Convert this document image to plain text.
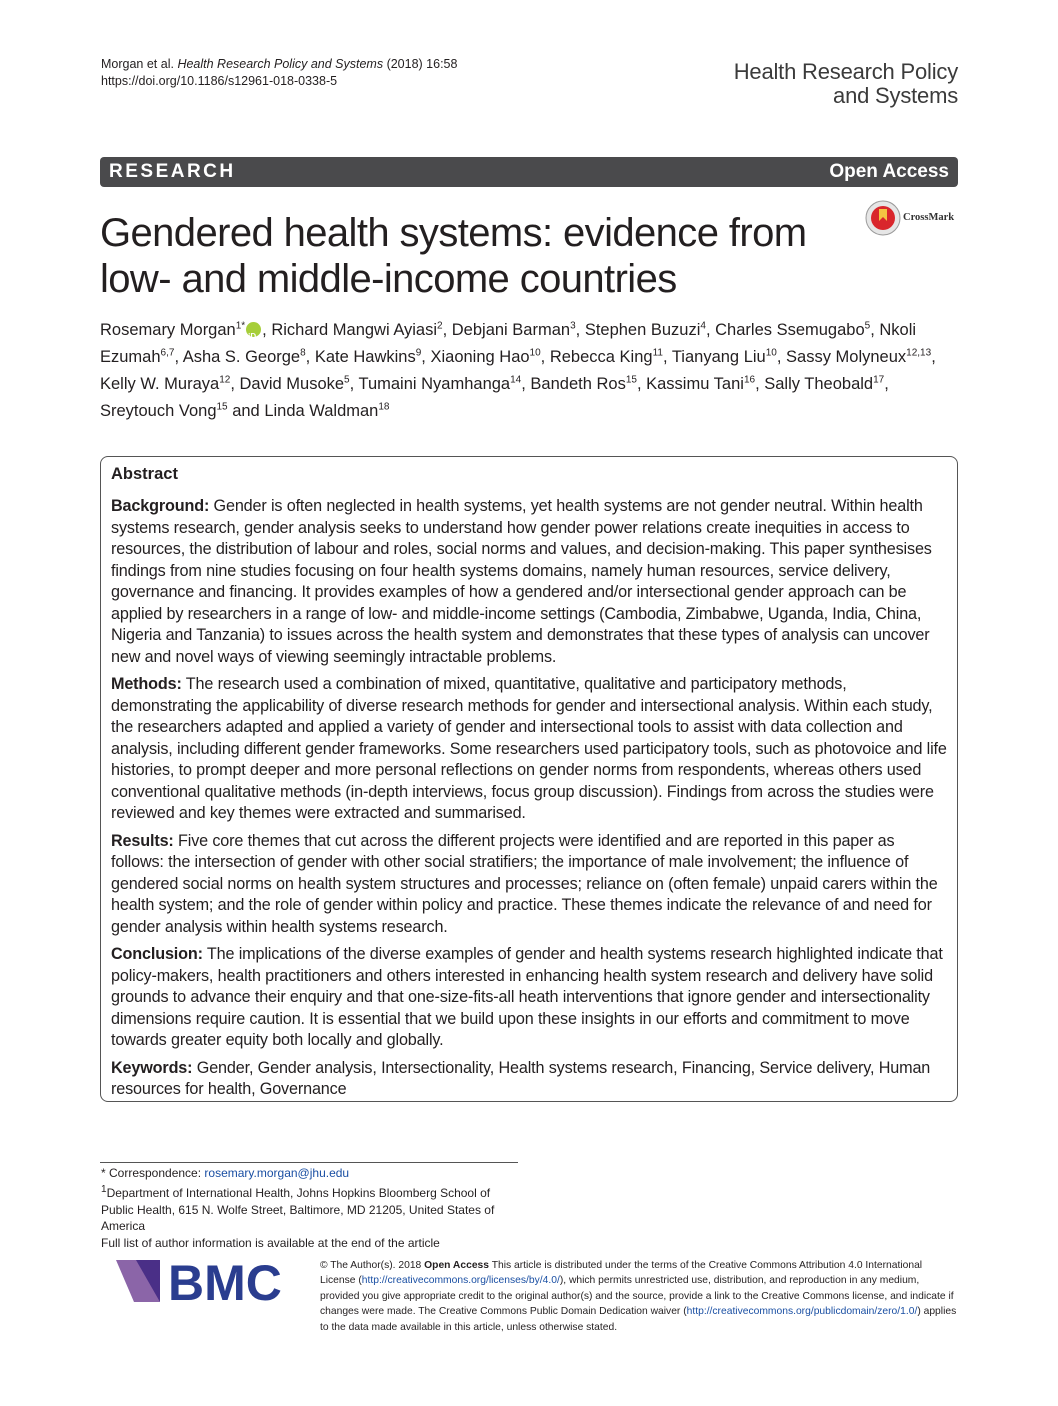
Morgan et al. Health Research Policy and Systems (2018) 16:58
https://doi.org/10.1186/s12961-018-0338-5	Health Research Policy
and Systems
RESEARCH	Open Access
Gendered health systems: evidence from low- and middle-income countries
CrossMark
Rosemary Morgan$^{1*}$iD , Richard Mangwi Ayiasi$^2$, Debjani Barman$^3$, Stephen Buzuzi$^4$, Charles Ssemugabo$^5$, Nkoli Ezumah$^{6,7}$, Asha S. George$^8$, Kate Hawkins$^9$, Xiaoning Hao$^{10}$, Rebecca King$^{11}$, Tianyang Liu$^{10}$, Sassy Molyneux$^{12,13}$, Kelly W. Muraya$^{12}$, David Musoke$^5$, Tumaini Nyamhanga$^{14}$, Bandeth Ros$^{15}$, Kassimu Tani$^{16}$, Sally Theobald$^{17}$, Sreytouch Vong$^{15}$ and Linda Waldman$^{18}$
Abstract

Background: Gender is often neglected in health systems, yet health systems are not gender neutral. Within health systems research, gender analysis seeks to understand how gender power relations create inequities in access to resources, the distribution of labour and roles, social norms and values, and decision-making. This paper synthesises findings from nine studies focusing on four health systems domains, namely human resources, service delivery, governance and financing. It provides examples of how a gendered and/or intersectional gender approach can be applied by researchers in a range of low- and middle-income settings (Cambodia, Zimbabwe, Uganda, India, China, Nigeria and Tanzania) to issues across the health system and demonstrates that these types of analysis can uncover new and novel ways of viewing seemingly intractable problems.

Methods: The research used a combination of mixed, quantitative, qualitative and participatory methods, demonstrating the applicability of diverse research methods for gender and intersectional analysis. Within each study, the researchers adapted and applied a variety of gender and intersectional tools to assist with data collection and analysis, including different gender frameworks. Some researchers used participatory tools, such as photovoice and life histories, to prompt deeper and more personal reflections on gender norms from respondents, whereas others used conventional qualitative methods (in-depth interviews, focus group discussion). Findings from across the studies were reviewed and key themes were extracted and summarised.

Results: Five core themes that cut across the different projects were identified and are reported in this paper as follows: the intersection of gender with other social stratifiers; the importance of male involvement; the influence of gendered social norms on health system structures and processes; reliance on (often female) unpaid carers within the health system; and the role of gender within policy and practice. These themes indicate the relevance of and need for gender analysis within health systems research.

Conclusion: The implications of the diverse examples of gender and health systems research highlighted indicate that policy-makers, health practitioners and others interested in enhancing health system research and delivery have solid grounds to advance their enquiry and that one-size-fits-all heath interventions that ignore gender and intersectionality dimensions require caution. It is essential that we build upon these insights in our efforts and commitment to move towards greater equity both locally and globally.

Keywords: Gender, Gender analysis, Intersectionality, Health systems research, Financing, Service delivery, Human resources for health, Governance

* Correspondence: rosemary.morgan@jhu.edu
$^1$Department of International Health, Johns Hopkins Bloomberg School of Public Health, 615 N. Wolfe Street, Baltimore, MD 21205, United States of America
Full list of author information is available at the end of the article
BMC	© The Author(s). 2018 Open Access This article is distributed under the terms of the Creative Commons Attribution 4.0 International License (http://creativecommons.org/licenses/by/4.0/), which permits unrestricted use, distribution, and reproduction in any medium, provided you give appropriate credit to the original author(s) and the source, provide a link to the Creative Commons license, and indicate if changes were made. The Creative Commons Public Domain Dedication waiver (http://creativecommons.org/publicdomain/zero/1.0/) applies to the data made available in this article, unless otherwise stated.
